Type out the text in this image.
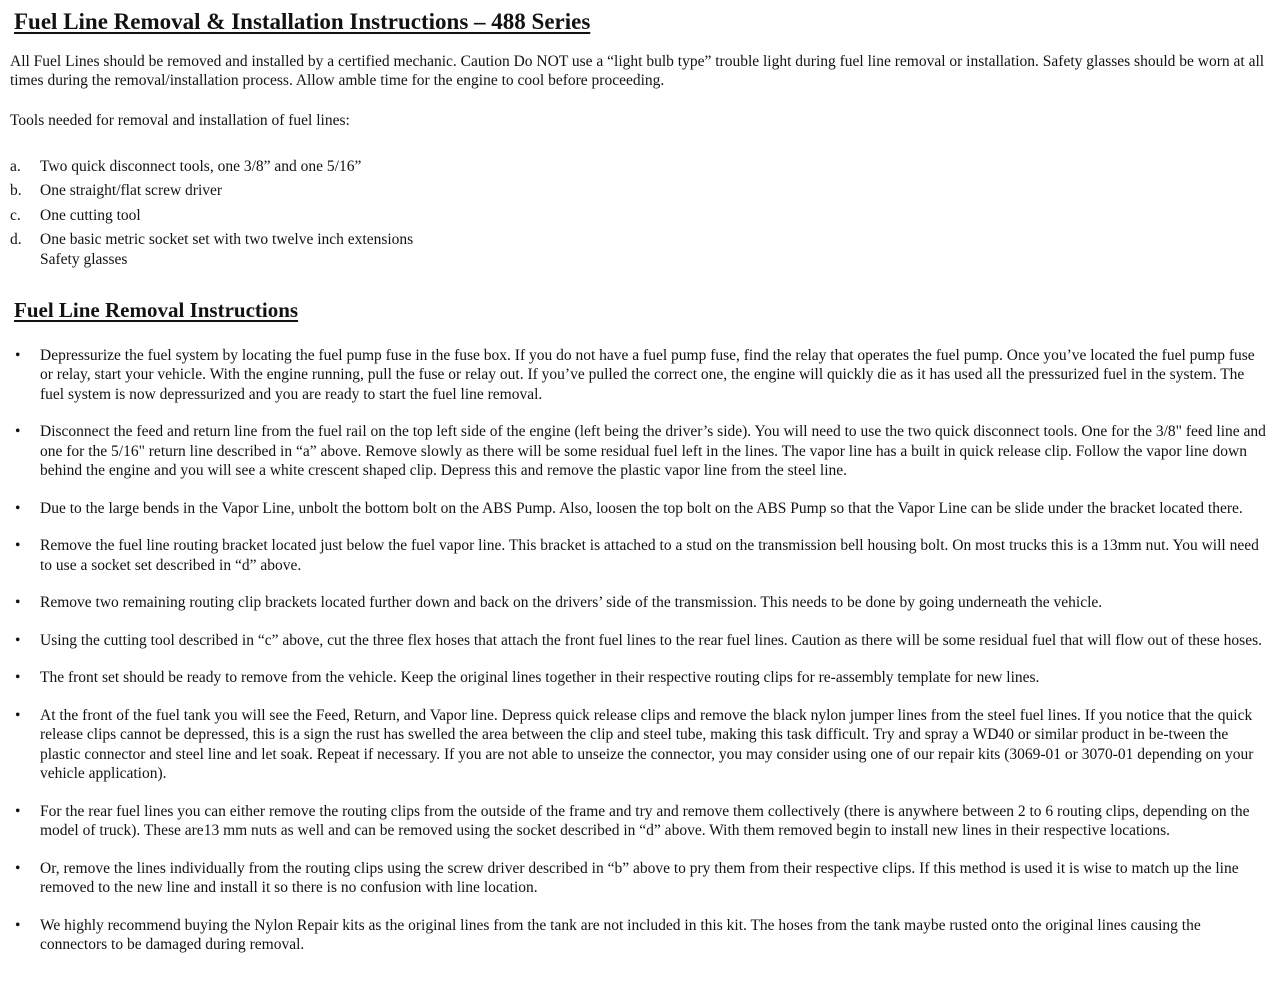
Fuel Line Removal & Installation Instructions – 488 Series

All Fuel Lines should be removed and installed by a certified mechanic. Caution Do NOT use a “light bulb type” trouble light during fuel line removal or installation. Safety glasses should be worn at all times during the removal/installation process. Allow amble time for the engine to cool before proceeding.

Tools needed for removal and installation of fuel lines:

a.	Two quick disconnect tools, one 3/8” and one 5/16”
b.	One straight/flat screw driver
c.	One cutting tool
d.	One basic metric socket set with two twelve inch extensions
Safety glasses
Fuel Line Removal Instructions
• Depressurize the fuel system by locating the fuel pump fuse in the fuse box. If you do not have a fuel pump fuse, find the relay that operates the fuel pump. Once you’ve located the fuel pump fuse or relay, start your vehicle. With the engine running, pull the fuse or relay out. If you’ve pulled the correct one, the engine will quickly die as it has used all the pressurized fuel in the system. The fuel system is now depressurized and you are ready to start the fuel line removal.
• Disconnect the feed and return line from the fuel rail on the top left side of the engine (left being the driver’s side). You will need to use the two quick disconnect tools. One for the 3/8" feed line and one for the 5/16" return line described in “a” above. Remove slowly as there will be some residual fuel left in the lines. The vapor line has a built in quick release clip. Follow the vapor line down behind the engine and you will see a white crescent shaped clip. Depress this and remove the plastic vapor line from the steel line.
• Due to the large bends in the Vapor Line, unbolt the bottom bolt on the ABS Pump. Also, loosen the top bolt on the ABS Pump so that the Vapor Line can be slide under the bracket located there.
• Remove the fuel line routing bracket located just below the fuel vapor line. This bracket is attached to a stud on the transmission bell housing bolt. On most trucks this is a 13mm nut. You will need to use a socket set described in “d” above.
• Remove two remaining routing clip brackets located further down and back on the drivers’ side of the transmission. This needs to be done by going underneath the vehicle.
• Using the cutting tool described in “c” above, cut the three flex hoses that attach the front fuel lines to the rear fuel lines. Caution as there will be some residual fuel that will flow out of these hoses.
• The front set should be ready to remove from the vehicle. Keep the original lines together in their respective routing clips for re-assembly template for new lines.
• At the front of the fuel tank you will see the Feed, Return, and Vapor line. Depress quick release clips and remove the black nylon jumper lines from the steel fuel lines. If you notice that the quick release clips cannot be depressed, this is a sign the rust has swelled the area between the clip and steel tube, making this task difficult. Try and spray a WD40 or similar product in be-tween the plastic connector and steel line and let soak. Repeat if necessary. If you are not able to unseize the connector, you may consider using one of our repair kits (3069-01 or 3070-01 depending on your vehicle application).
• For the rear fuel lines you can either remove the routing clips from the outside of the frame and try and remove them collectively (there is anywhere between 2 to 6 routing clips, depending on the model of truck). These are13 mm nuts as well and can be removed using the socket described in “d” above. With them removed begin to install new lines in their respective locations.
• Or, remove the lines individually from the routing clips using the screw driver described in “b” above to pry them from their respective clips. If this method is used it is wise to match up the line removed to the new line and install it so there is no confusion with line location.
• We highly recommend buying the Nylon Repair kits as the original lines from the tank are not included in this kit. The hoses from the tank maybe rusted onto the original lines causing the connectors to be damaged during removal.
